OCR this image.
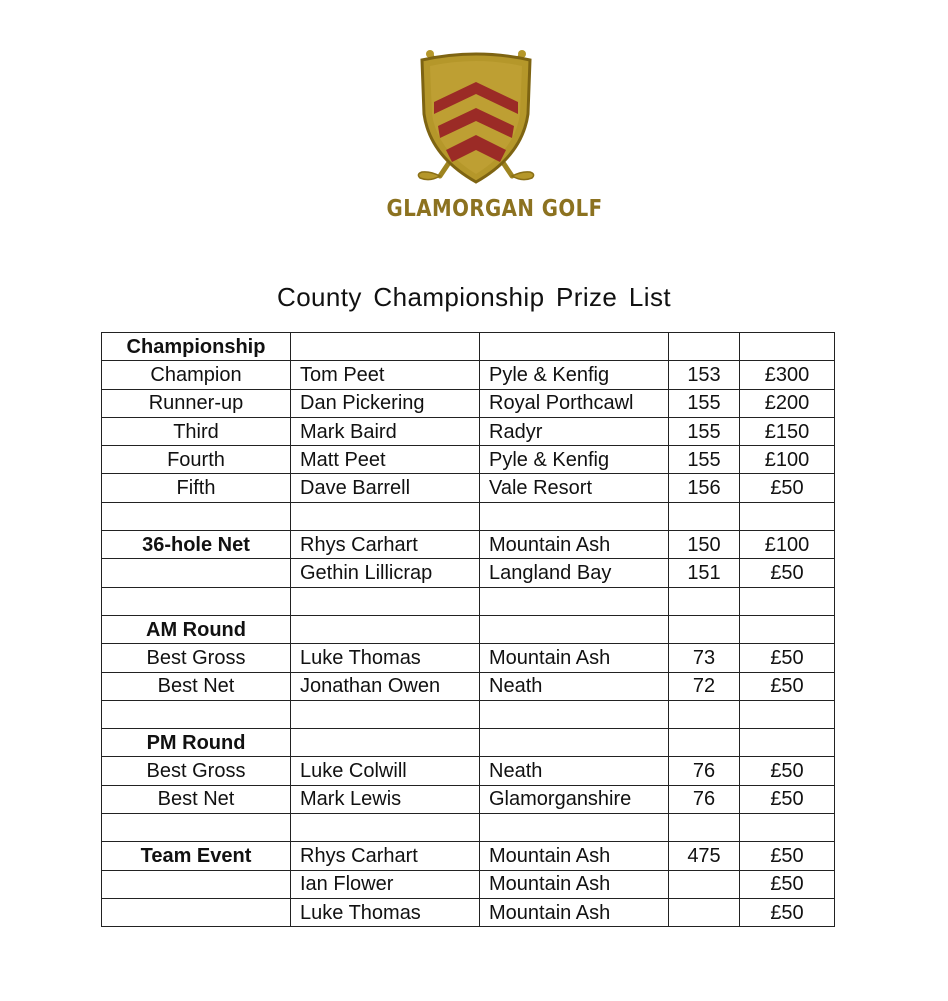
GLAMORGAN GOLF
County Championship Prize List
Championship				
Champion	Tom Peet	Pyle & Kenfig	153	£300
Runner-up	Dan Pickering	Royal Porthcawl	155	£200
Third	Mark Baird	Radyr	155	£150
Fourth	Matt Peet	Pyle & Kenfig	155	£100
Fifth	Dave Barrell	Vale Resort	156	£50

36-hole Net	Rhys Carhart	Mountain Ash	150	£100
	Gethin Lillicrap	Langland Bay	151	£50

AM Round				
Best Gross	Luke Thomas	Mountain Ash	73	£50
Best Net	Jonathan Owen	Neath	72	£50

PM Round				
Best Gross	Luke Colwill	Neath	76	£50
Best Net	Mark Lewis	Glamorganshire	76	£50

Team Event	Rhys Carhart	Mountain Ash	475	£50
	Ian Flower	Mountain Ash		£50
	Luke Thomas	Mountain Ash		£50
